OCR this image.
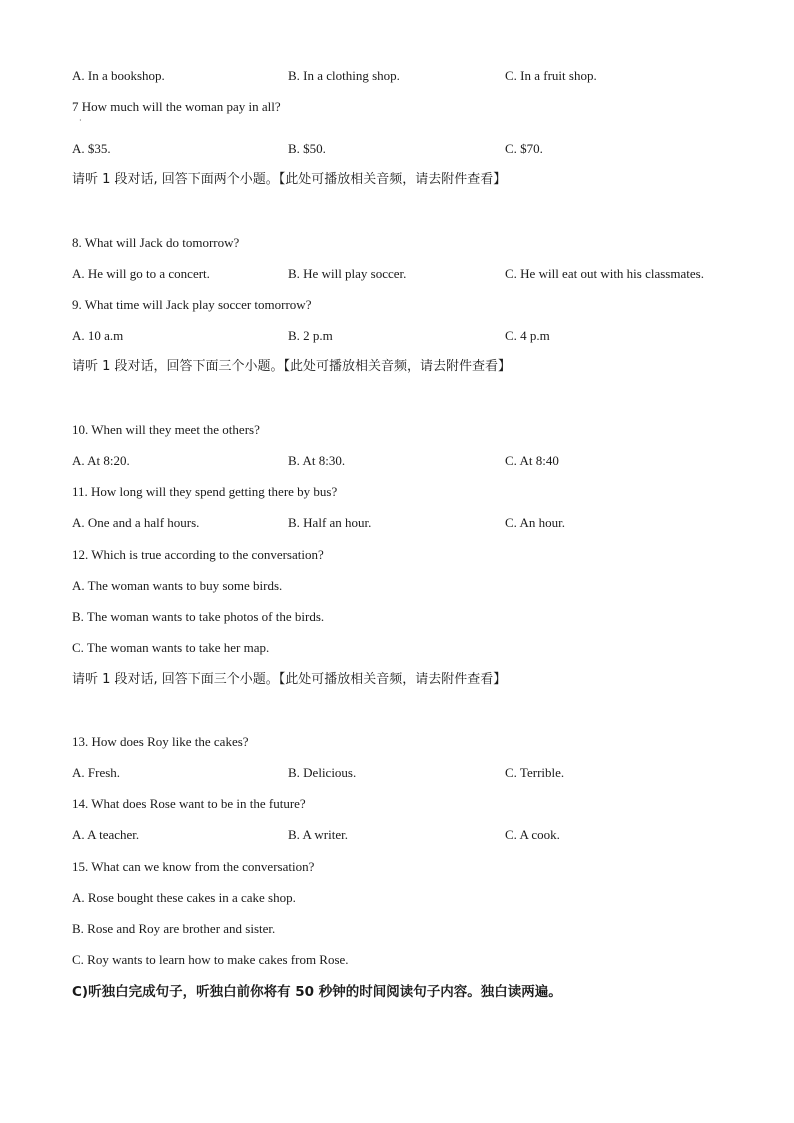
A. In a bookshop.	B. In a clothing shop.	C. In a fruit shop.
7 How much will the woman pay in all?
·
A. $35.	B. $50.	C. $70.
请听 1 段对话, 回答下面两个小题。【此处可播放相关音频，请去附件查看】
8. What will Jack do tomorrow?
A. He will go to a concert.	B. He will play soccer.	C. He will eat out with his classmates.
9. What time will Jack play soccer tomorrow?
A. 10 a.m	B. 2 p.m	C. 4 p.m
请听 1 段对话，回答下面三个小题。【此处可播放相关音频，请去附件查看】
10. When will they meet the others?
A. At 8:20.	B. At 8:30.	C. At 8:40
11. How long will they spend getting there by bus?
A. One and a half hours.	B. Half an hour.	C. An hour.
12. Which is true according to the conversation?
A. The woman wants to buy some birds.
B. The woman wants to take photos of the birds.
C. The woman wants to take her map.
请听 1 段对话, 回答下面三个小题。【此处可播放相关音频，请去附件查看】
13. How does Roy like the cakes?
A. Fresh.	B. Delicious.	C. Terrible.
14. What does Rose want to be in the future?
A. A teacher.	B. A writer.	C. A cook.
15. What can we know from the conversation?
A. Rose bought these cakes in a cake shop.
B. Rose and Roy are brother and sister.
C. Roy wants to learn how to make cakes from Rose.
C)听独白完成句子，听独白前你将有 50 秒钟的时间阅读句子内容。独白读两遍。
